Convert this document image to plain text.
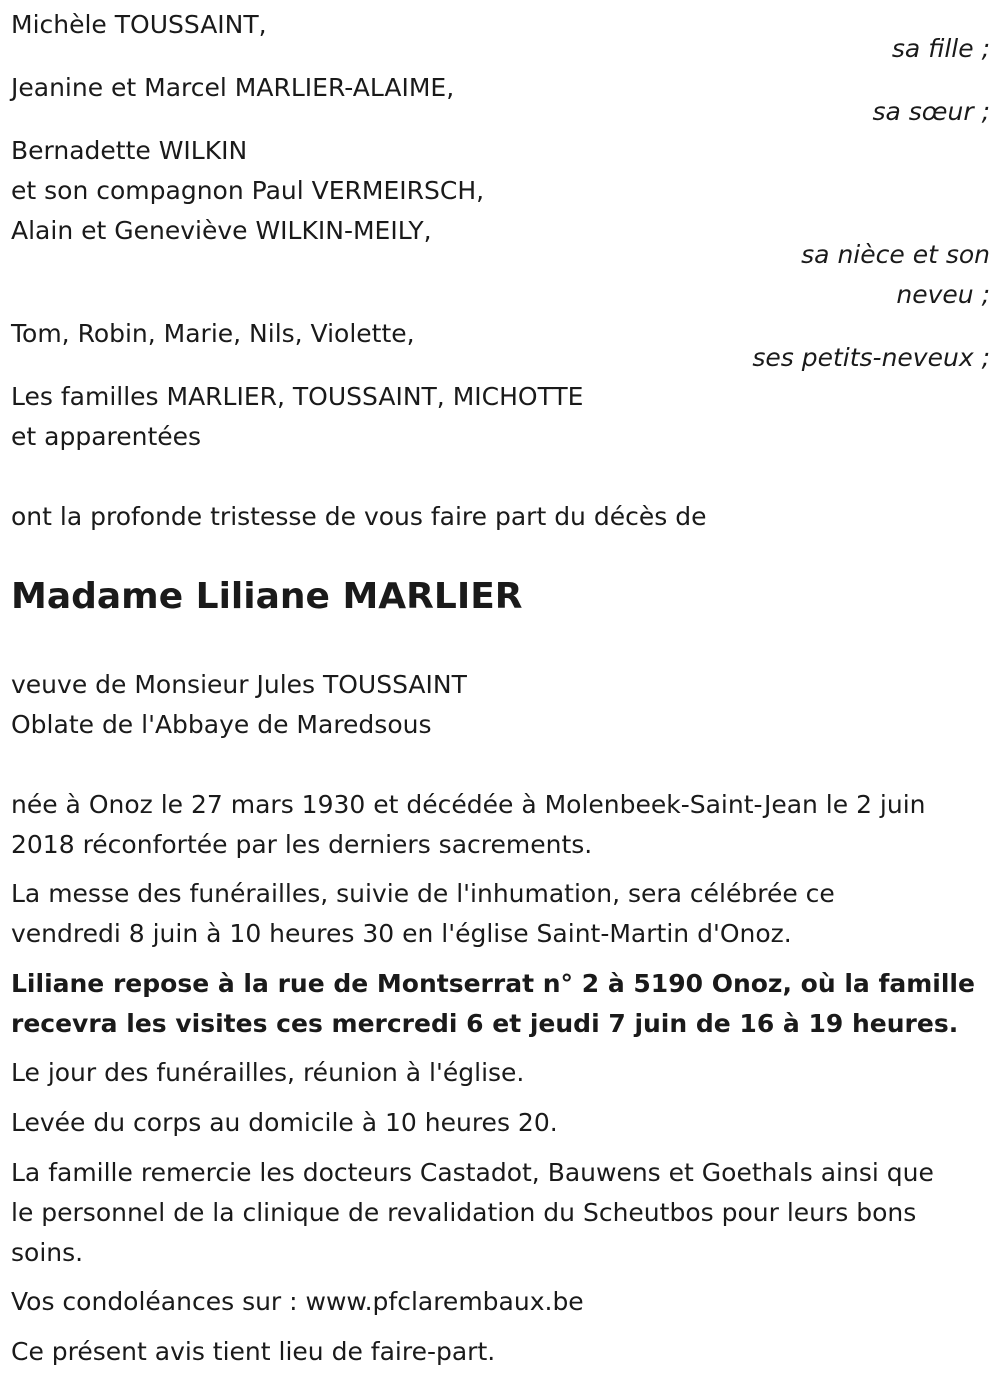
Michèle TOUSSAINT,
sa fille ;
Jeanine et Marcel MARLIER-ALAIME,
sa sœur ;
Bernadette WILKIN
et son compagnon Paul VERMEIRSCH,
Alain et Geneviève WILKIN-MEILY,
sa nièce et son
neveu ;
Tom, Robin, Marie, Nils, Violette,
ses petits-neveux ;
Les familles MARLIER, TOUSSAINT, MICHOTTE
et apparentées
ont la profonde tristesse de vous faire part du décès de
Madame Liliane MARLIER
veuve de Monsieur Jules TOUSSAINT
Oblate de l'Abbaye de Maredsous
née à Onoz le 27 mars 1930 et décédée à Molenbeek-Saint-Jean le 2 juin
2018 réconfortée par les derniers sacrements.
La messe des funérailles, suivie de l'inhumation, sera célébrée ce
vendredi 8 juin à 10 heures 30 en l'église Saint-Martin d'Onoz.
Liliane repose à la rue de Montserrat n° 2 à 5190 Onoz, où la famille
recevra les visites ces mercredi 6 et jeudi 7 juin de 16 à 19 heures.
Le jour des funérailles, réunion à l'église.
Levée du corps au domicile à 10 heures 20.
La famille remercie les docteurs Castadot, Bauwens et Goethals ainsi que
le personnel de la clinique de revalidation du Scheutbos pour leurs bons
soins.
Vos condoléances sur : www.pfclarembaux.be
Ce présent avis tient lieu de faire-part.
